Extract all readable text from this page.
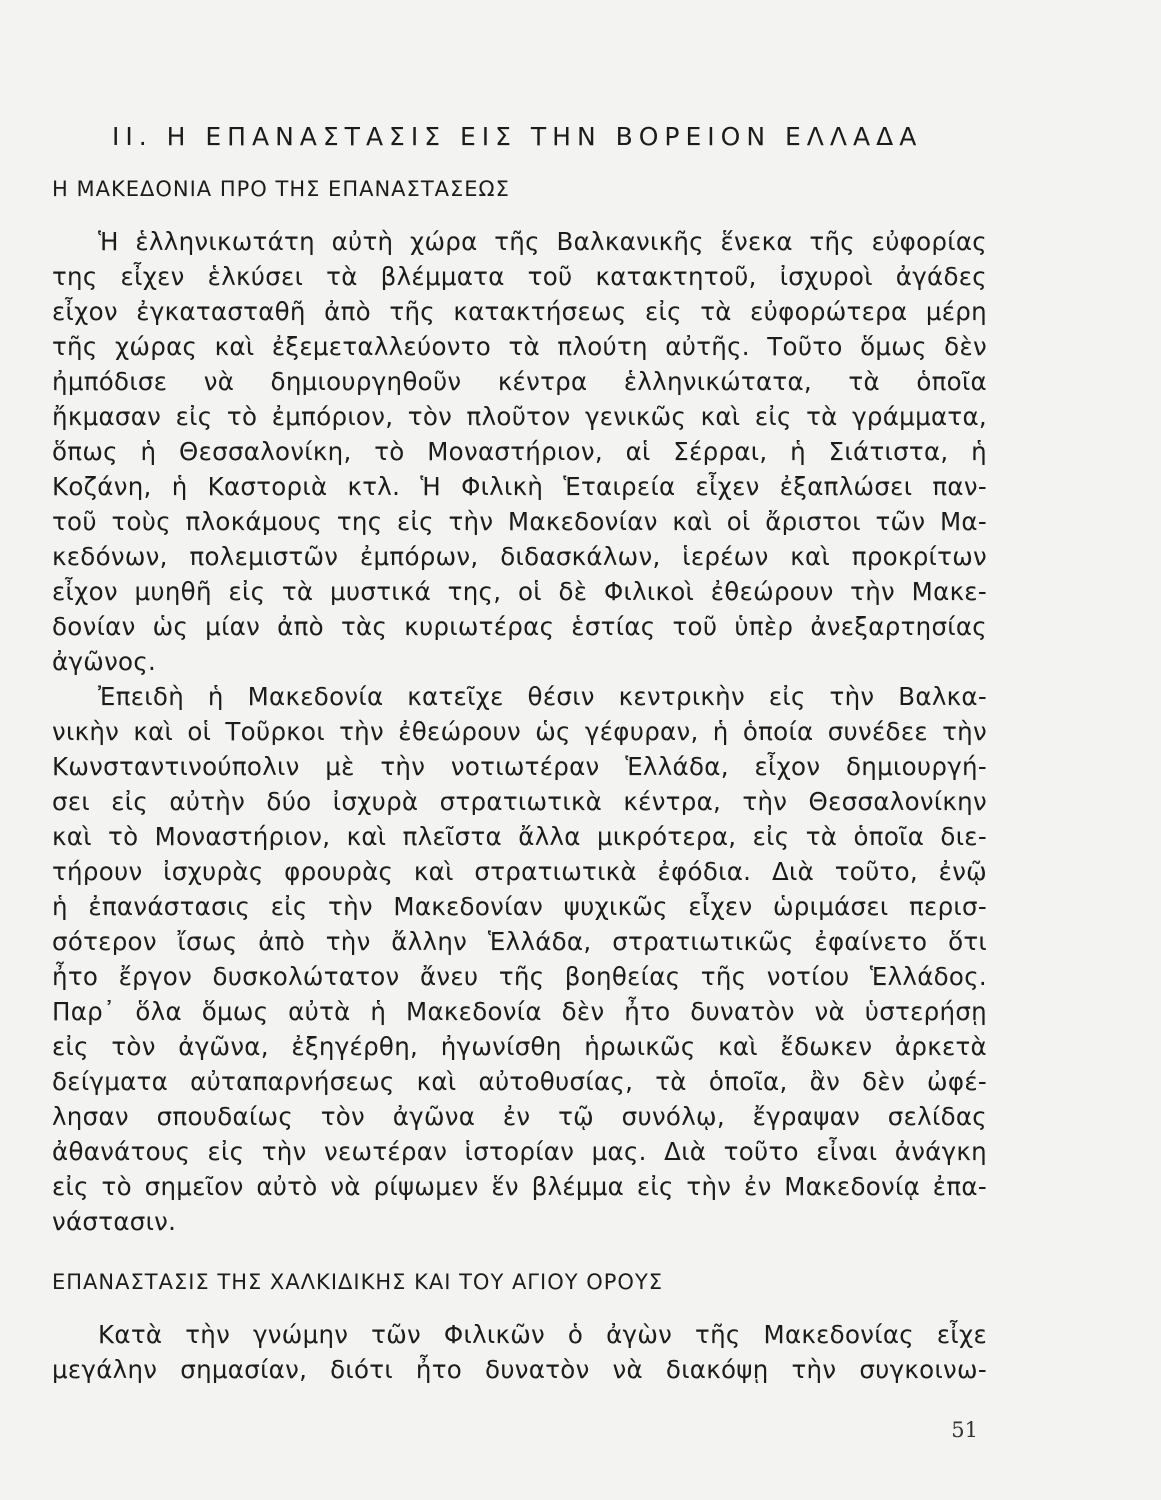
II. Η ΕΠΑΝΑΣΤΑΣΙΣ ΕΙΣ ΤΗΝ ΒΟΡΕΙΟΝ ΕΛΛΑΔΑ
Η ΜΑΚΕΔΟΝΙΑ ΠΡΟ ΤΗΣ ΕΠΑΝΑΣΤΑΣΕΩΣ
Ἡ ἑλληνικωτάτη αὐτὴ χώρα τῆς Βαλκανικῆς ἕνεκα τῆς εὐφορίας
της εἶχεν ἑλκύσει τὰ βλέμματα τοῦ κατακτητοῦ, ἰσχυροὶ ἀγάδες
εἶχον ἐγκατασταθῆ ἀπὸ τῆς κατακτήσεως εἰς τὰ εὐφορώτερα μέρη
τῆς χώρας καὶ ἐξεμεταλλεύοντο τὰ πλούτη αὐτῆς. Τοῦτο ὅμως δὲν
ἠμπόδισε νὰ δημιουργηθοῦν κέντρα ἑλληνικώτατα, τὰ ὁποῖα
ἤκμασαν εἰς τὸ ἐμπόριον, τὸν πλοῦτον γενικῶς καὶ εἰς τὰ γράμματα,
ὅπως ἡ Θεσσαλονίκη, τὸ Μοναστήριον, αἱ Σέρραι, ἡ Σιάτιστα, ἡ
Κοζάνη, ἡ Καστοριὰ κτλ. Ἡ Φιλικὴ Ἑταιρεία εἶχεν ἐξαπλώσει παν-
τοῦ τοὺς πλοκάμους της εἰς τὴν Μακεδονίαν καὶ οἱ ἄριστοι τῶν Μα-
κεδόνων, πολεμιστῶν ἐμπόρων, διδασκάλων, ἱερέων καὶ προκρίτων
εἶχον μυηθῆ εἰς τὰ μυστικά της, οἱ δὲ Φιλικοὶ ἐθεώρουν τὴν Μακε-
δονίαν ὡς μίαν ἀπὸ τὰς κυριωτέρας ἑστίας τοῦ ὑπὲρ ἀνεξαρτησίας
ἀγῶνος.
Ἐπειδὴ ἡ Μακεδονία κατεῖχε θέσιν κεντρικὴν εἰς τὴν Βαλκα-
νικὴν καὶ οἱ Τοῦρκοι τὴν ἐθεώρουν ὡς γέφυραν, ἡ ὁποία συνέδεε τὴν
Κωνσταντινούπολιν μὲ τὴν νοτιωτέραν Ἑλλάδα, εἶχον δημιουργή-
σει εἰς αὐτὴν δύο ἰσχυρὰ στρατιωτικὰ κέντρα, τὴν Θεσσαλονίκην
καὶ τὸ Μοναστήριον, καὶ πλεῖστα ἄλλα μικρότερα, εἰς τὰ ὁποῖα διε-
τήρουν ἰσχυρὰς φρουρὰς καὶ στρατιωτικὰ ἐφόδια. Διὰ τοῦτο, ἐνῷ
ἡ ἐπανάστασις εἰς τὴν Μακεδονίαν ψυχικῶς εἶχεν ὡριμάσει περισ-
σότερον ἴσως ἀπὸ τὴν ἄλλην Ἑλλάδα, στρατιωτικῶς ἐφαίνετο ὅτι
ἦτο ἔργον δυσκολώτατον ἄνευ τῆς βοηθείας τῆς νοτίου Ἑλλάδος.
Παρ᾽ ὅλα ὅμως αὐτὰ ἡ Μακεδονία δὲν ἦτο δυνατὸν νὰ ὑστερήσῃ
εἰς τὸν ἀγῶνα, ἐξηγέρθη, ἠγωνίσθη ἡρωικῶς καὶ ἔδωκεν ἀρκετὰ
δείγματα αὐταπαρνήσεως καὶ αὐτοθυσίας, τὰ ὁποῖα, ἂν δὲν ὠφέ-
λησαν σπουδαίως τὸν ἀγῶνα ἐν τῷ συνόλῳ, ἔγραψαν σελίδας
ἀθανάτους εἰς τὴν νεωτέραν ἱστορίαν μας. Διὰ τοῦτο εἶναι ἀνάγκη
εἰς τὸ σημεῖον αὐτὸ νὰ ρίψωμεν ἕν βλέμμα εἰς τὴν ἐν Μακεδονίᾳ ἐπα-
νάστασιν.
ΕΠΑΝΑΣΤΑΣΙΣ ΤΗΣ ΧΑΛΚΙΔΙΚΗΣ ΚΑΙ ΤΟΥ ΑΓΙΟΥ ΟΡΟΥΣ
Κατὰ τὴν γνώμην τῶν Φιλικῶν ὁ ἀγὼν τῆς Μακεδονίας εἶχε
μεγάλην σημασίαν, διότι ἦτο δυνατὸν νὰ διακόψῃ τὴν συγκοινω-
51
